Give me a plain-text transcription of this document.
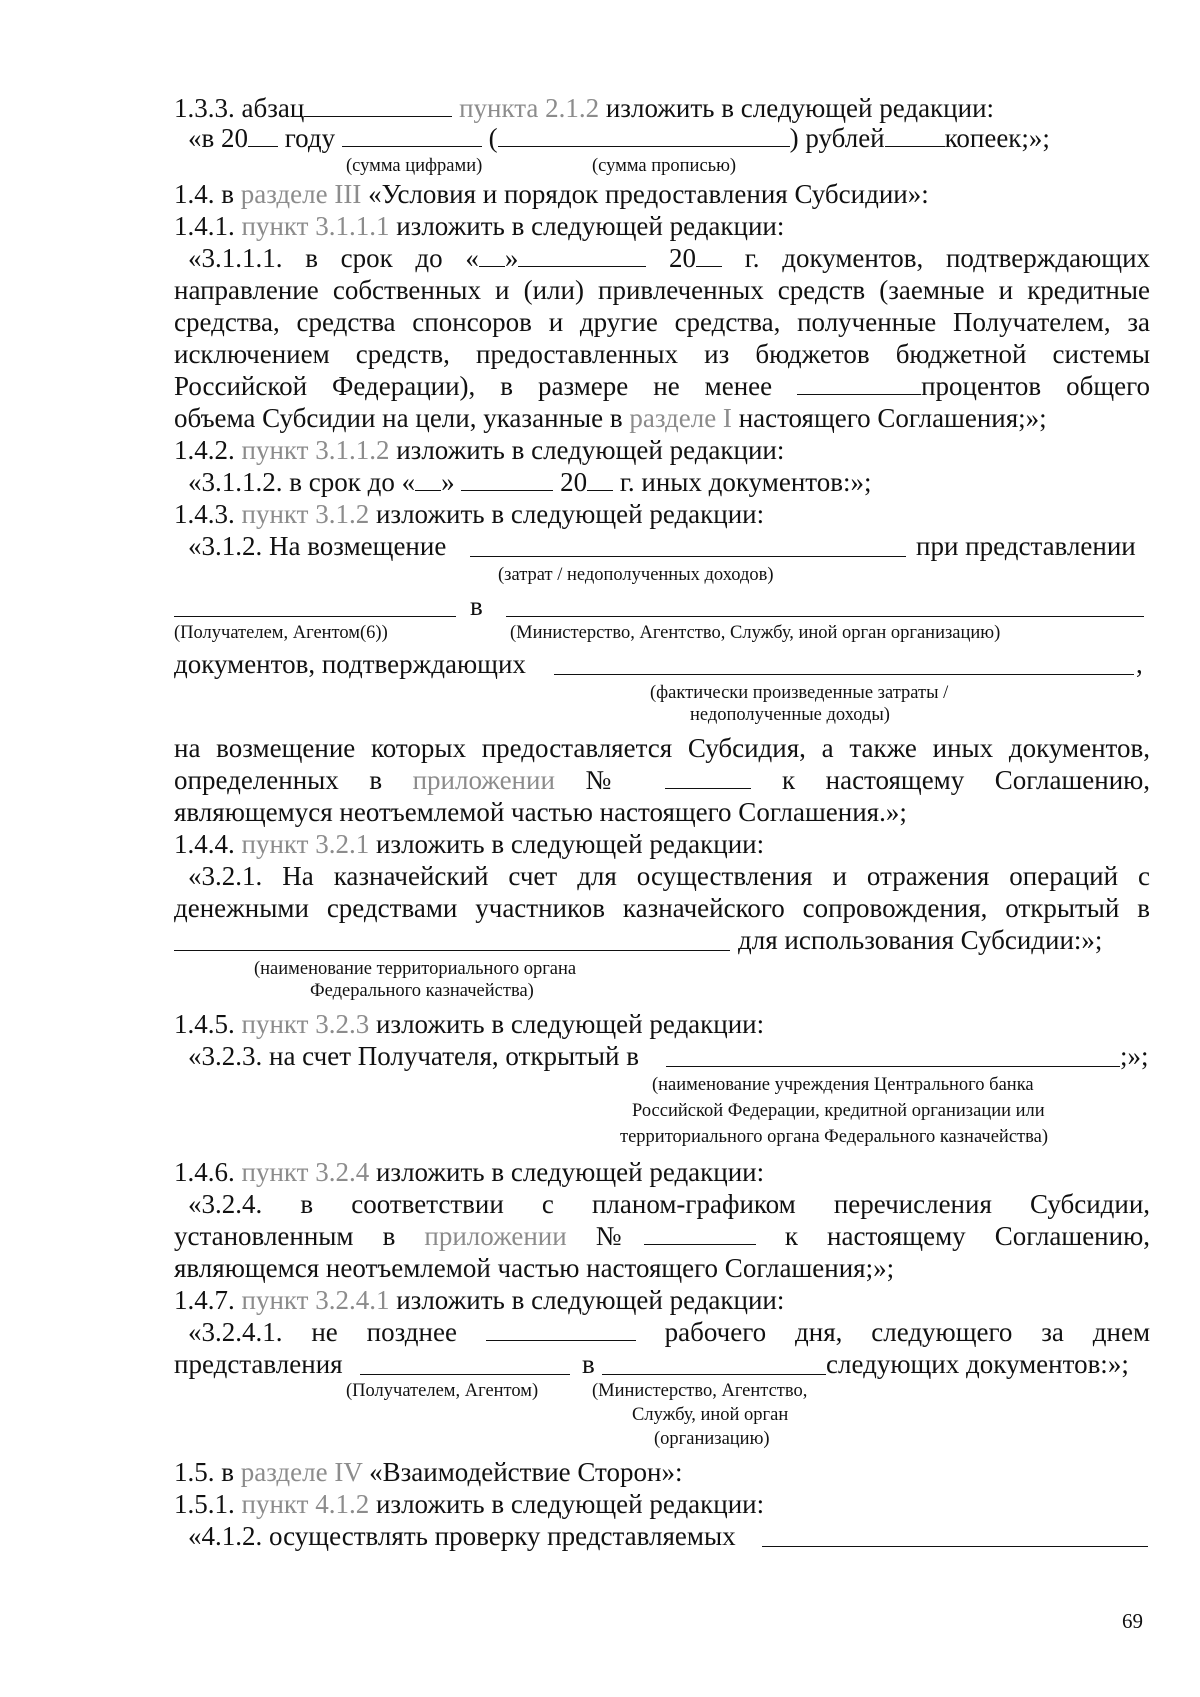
1.3.3. абзац	пункта 2.1.2 изложить в следующей редакции:
«в 20 году	(	) рублей копеек;»;
(сумма цифрами)	(сумма прописью)
1.4. в разделе III «Условия и порядок предоставления Субсидии»:
1.4.1. пункт 3.1.1.1 изложить в следующей редакции:
«3.1.1.1. в срок до « »	20 г. документов, подтверждающих
направление собственных и (или) привлеченных средств (заемные и кредитные
средства, средства спонсоров и другие средства, полученные Получателем, за
исключением средств, предоставленных из бюджетов бюджетной системы
Российской Федерации), в размере не менее	процентов общего
объема Субсидии на цели, указанные в разделе I настоящего Соглашения;»;
1.4.2. пункт 3.1.1.2 изложить в следующей редакции:
«3.1.1.2. в срок до « »	20 г. иных документов:»;
1.4.3. пункт 3.1.2 изложить в следующей редакции:
«3.1.2. На возмещение	при представлении
(затрат / недополученных доходов)
в
(Получателем, Агентом(6))	(Министерство, Агентство, Службу, иной орган организацию)
документов, подтверждающих	,
(фактически произведенные затраты /
недополученные доходы)
на возмещение которых предоставляется Субсидия, а также иных документов,
определенных в приложении №	к настоящему Соглашению,
являющемуся неотъемлемой частью настоящего Соглашения.»;
1.4.4. пункт 3.2.1 изложить в следующей редакции:
«3.2.1. На казначейский счет для осуществления и отражения операций с
денежными средствами участников казначейского сопровождения, открытый в
для использования Субсидии:»;
(наименование территориального органа
Федерального казначейства)
1.4.5. пункт 3.2.3 изложить в следующей редакции:
«3.2.3. на счет Получателя, открытый в	;»;
(наименование учреждения Центрального банка
Российской Федерации, кредитной организации или
территориального органа Федерального казначейства)
1.4.6. пункт 3.2.4 изложить в следующей редакции:
«3.2.4. в соответствии с планом-графиком перечисления Субсидии,
установленным в приложении №	к настоящему Соглашению,
являющемся неотъемлемой частью настоящего Соглашения;»;
1.4.7. пункт 3.2.4.1 изложить в следующей редакции:
«3.2.4.1. не позднее	рабочего дня, следующего за днем
представления	в	следующих документов:»;
(Получателем, Агентом)	(Министерство, Агентство,
Службу, иной орган
(организацию)
1.5. в разделе IV «Взаимодействие Сторон»:
1.5.1. пункт 4.1.2 изложить в следующей редакции:
«4.1.2. осуществлять проверку представляемых
69
